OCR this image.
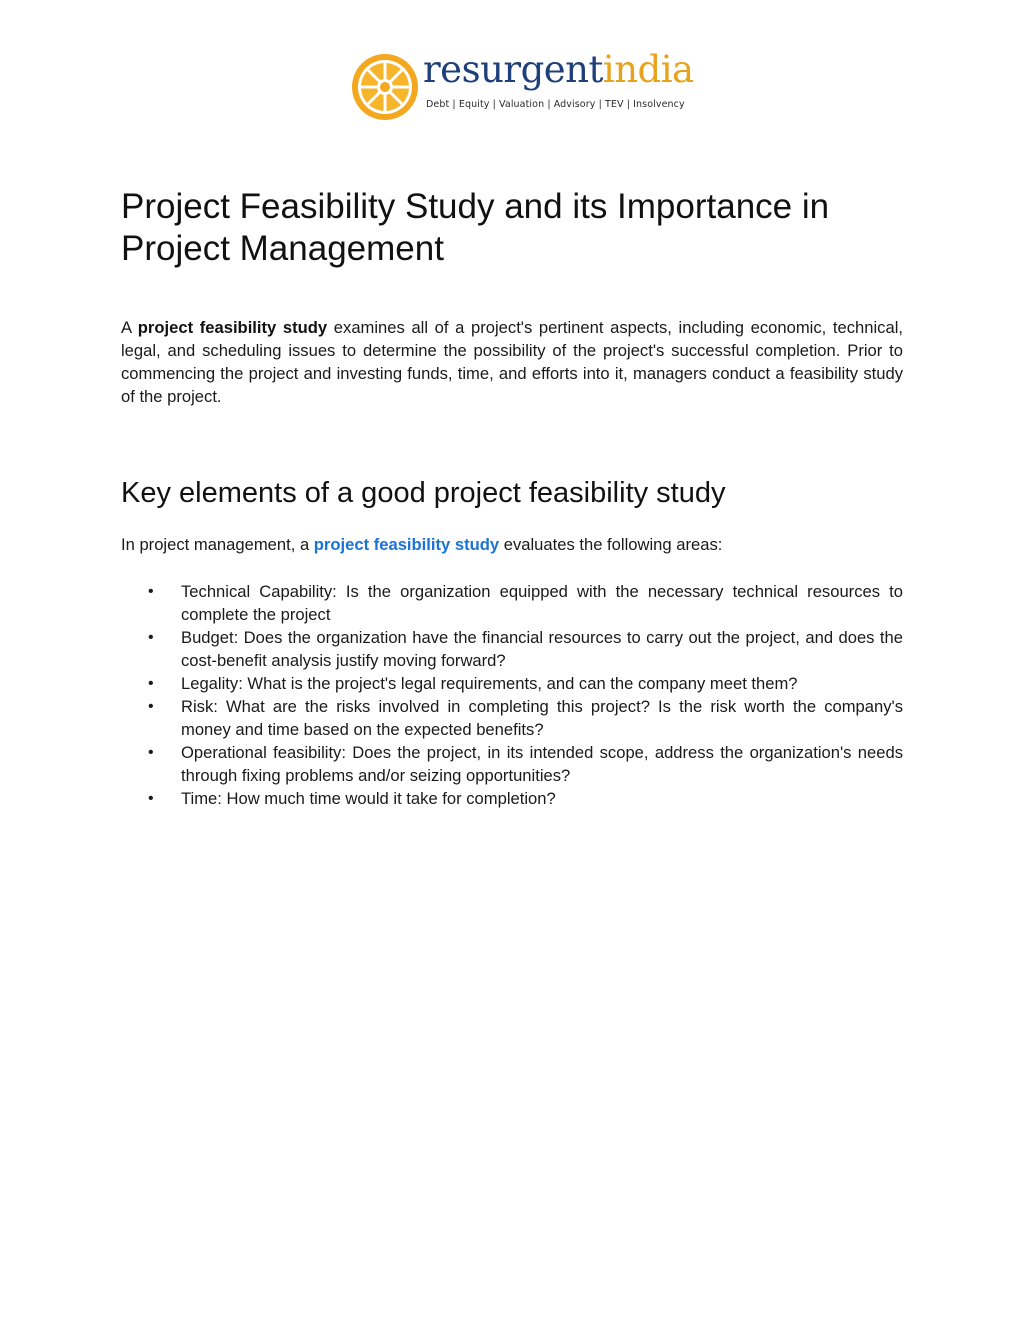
resurgentindia
Debt | Equity | Valuation | Advisory | TEV | Insolvency
Project Feasibility Study and its Importance in Project Management

A project feasibility study examines all of a project's pertinent aspects, including economic, technical, legal, and scheduling issues to determine the possibility of the project's successful completion. Prior to commencing the project and investing funds, time, and efforts into it, managers conduct a feasibility study of the project.

Key elements of a good project feasibility study

In project management, a project feasibility study evaluates the following areas:

• Technical Capability: Is the organization equipped with the necessary technical resources to complete the project
• Budget: Does the organization have the financial resources to carry out the project, and does the cost-benefit analysis justify moving forward?
• Legality: What is the project's legal requirements, and can the company meet them?
• Risk: What are the risks involved in completing this project? Is the risk worth the company's money and time based on the expected benefits?
• Operational feasibility: Does the project, in its intended scope, address the organization's needs through fixing problems and/or seizing opportunities?
• Time: How much time would it take for completion?
